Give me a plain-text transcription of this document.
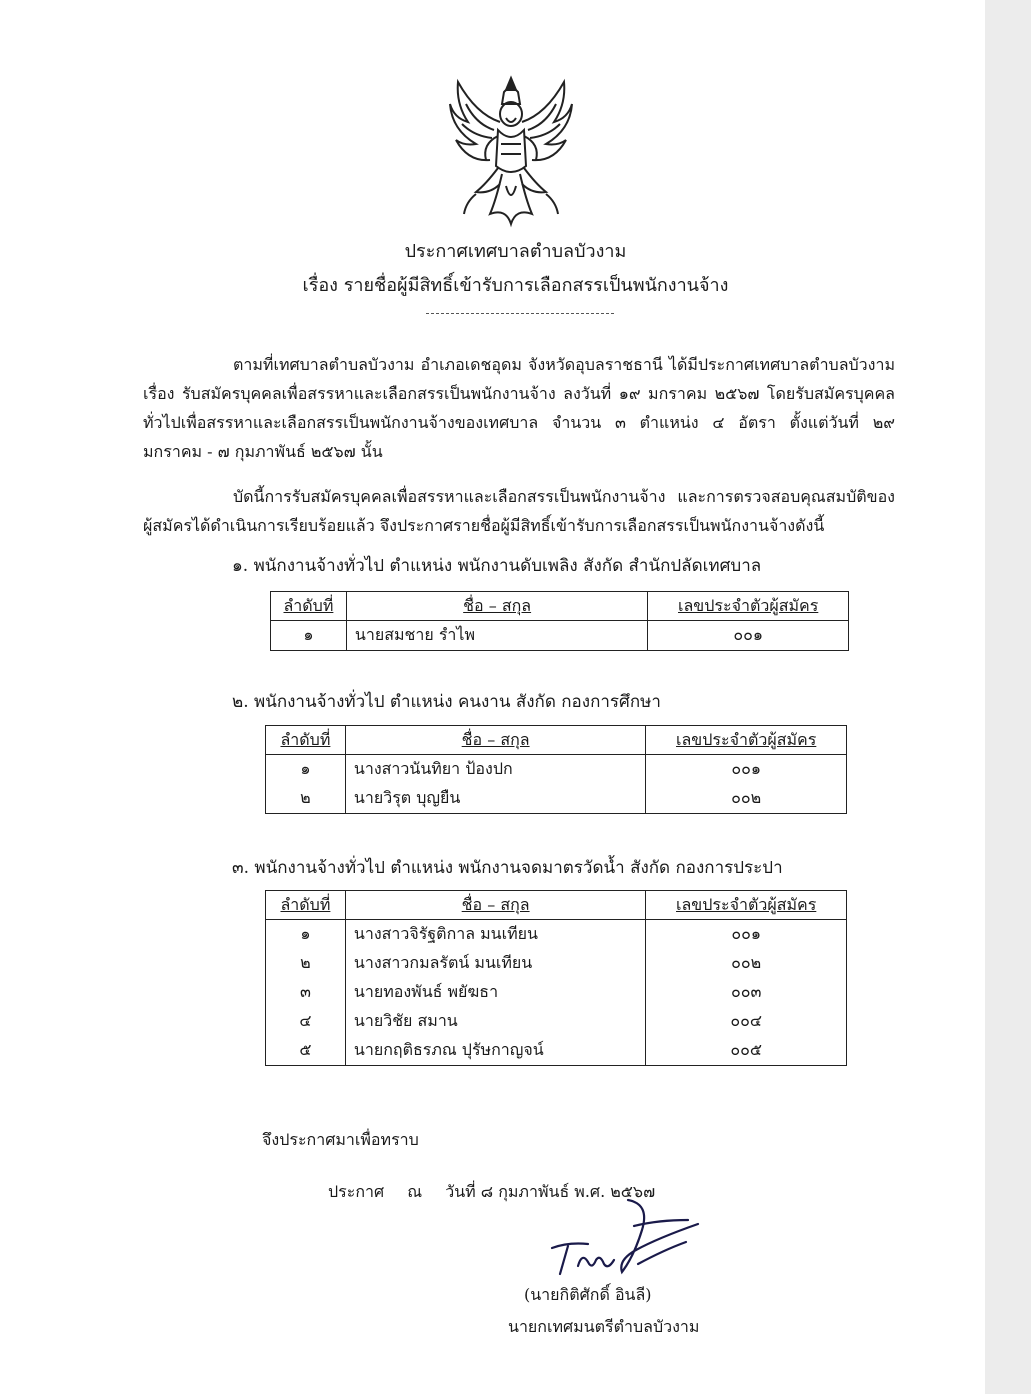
ประกาศเทศบาลตำบลบัวงาม
เรื่อง รายชื่อผู้มีสิทธิ์เข้ารับการเลือกสรรเป็นพนักงานจ้าง
ตามที่เทศบาลตำบลบัวงาม อำเภอเดชอุดม จังหวัดอุบลราชธานี ได้มีประกาศเทศบาลตำบลบัวงาม เรื่อง รับสมัครบุคคลเพื่อสรรหาและเลือกสรรเป็นพนักงานจ้าง ลงวันที่ ๑๙ มกราคม ๒๕๖๗ โดยรับสมัครบุคคลทั่วไปเพื่อสรรหาและเลือกสรรเป็นพนักงานจ้างของเทศบาล จำนวน ๓ ตำแหน่ง ๔ อัตรา ตั้งแต่วันที่ ๒๙ มกราคม - ๗ กุมภาพันธ์ ๒๕๖๗ นั้น
บัดนี้การรับสมัครบุคคลเพื่อสรรหาและเลือกสรรเป็นพนักงานจ้าง และการตรวจสอบคุณสมบัติของผู้สมัครได้ดำเนินการเรียบร้อยแล้ว จึงประกาศรายชื่อผู้มีสิทธิ์เข้ารับการเลือกสรรเป็นพนักงานจ้างดังนี้
๑. พนักงานจ้างทั่วไป ตำแหน่ง พนักงานดับเพลิง สังกัด สำนักปลัดเทศบาล
ลำดับที่	ชื่อ – สกุล	เลขประจำตัวผู้สมัคร
๑	นายสมชาย รำไพ	๐๐๑
๒. พนักงานจ้างทั่วไป ตำแหน่ง คนงาน สังกัด กองการศึกษา
ลำดับที่	ชื่อ – สกุล	เลขประจำตัวผู้สมัคร
๑	นางสาวนันทิยา ป้องปก	๐๐๑
๒	นายวิรุต บุญยืน	๐๐๒
๓. พนักงานจ้างทั่วไป ตำแหน่ง พนักงานจดมาตรวัดน้ำ สังกัด กองการประปา
ลำดับที่	ชื่อ – สกุล	เลขประจำตัวผู้สมัคร
๑	นางสาวจิรัฐติกาล มนเทียน	๐๐๑
๒	นางสาวกมลรัตน์ มนเทียน	๐๐๒
๓	นายทองพันธ์ พยัฆธา	๐๐๓
๔	นายวิชัย สมาน	๐๐๔
๕	นายกฤติธรภณ ปุรัษกาญจน์	๐๐๕
จึงประกาศมาเพื่อทราบ
ประกาศ ณ วันที่ ๘ กุมภาพันธ์ พ.ศ. ๒๕๖๗
(นายกิติศักดิ์ อินลี)
นายกเทศมนตรีตำบลบัวงาม
